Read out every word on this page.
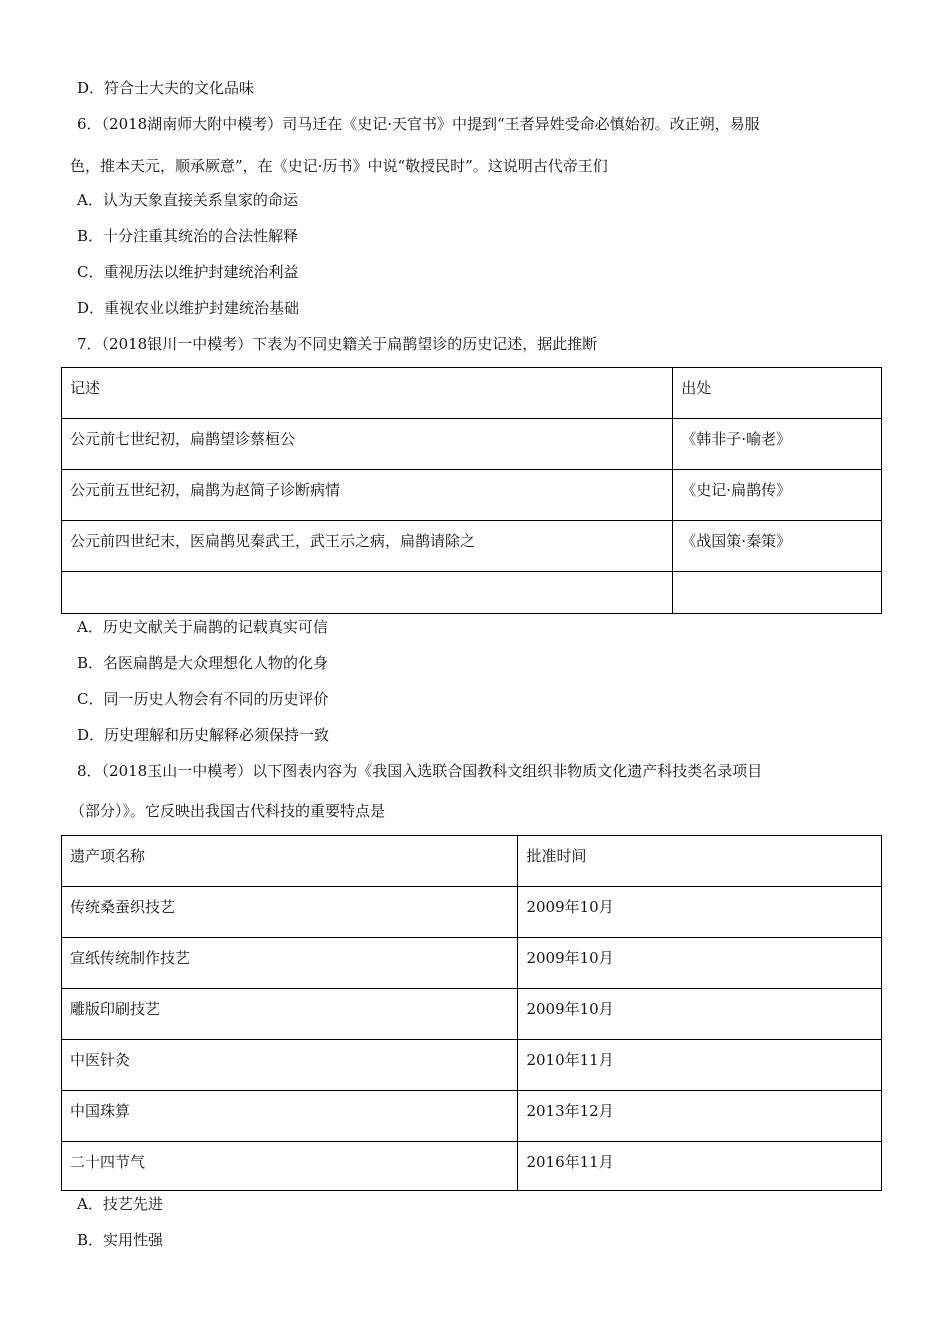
D．符合士大夫的文化品味
6．（2018湖南师大附中模考）司马迁在《史记·天官书》中提到“王者异姓受命必慎始初。改正朔，易服
色，推本天元，顺承厥意”，在《史记·历书》中说“敬授民时”。这说明古代帝王们
A．认为天象直接关系皇家的命运
B．十分注重其统治的合法性解释
C．重视历法以维护封建统治利益
D．重视农业以维护封建统治基础
7．（2018银川一中模考）下表为不同史籍关于扁鹊望诊的历史记述，据此推断
记述	出处

公元前七世纪初，扁鹊望诊蔡桓公	《韩非子·喻老》

公元前五世纪初，扁鹊为赵简子诊断病情	《史记·扁鹊传》

公元前四世纪末，医扁鹊见秦武王，武王示之病，扁鹊请除之	《战国策·秦策》

A．历史文献关于扁鹊的记载真实可信
B．名医扁鹊是大众理想化人物的化身
C．同一历史人物会有不同的历史评价
D．历史理解和历史解释必须保持一致
8．（2018玉山一中模考）以下图表内容为《我国入选联合国教科文组织非物质文化遗产科技类名录项目
（部分）》。它反映出我国古代科技的重要特点是
遗产项名称	批准时间

传统桑蚕织技艺	2009年10月

宣纸传统制作技艺	2009年10月

雕版印刷技艺	2009年10月

中医针灸	2010年11月

中国珠算	2013年12月

二十四节气	2016年11月
A．技艺先进
B．实用性强
